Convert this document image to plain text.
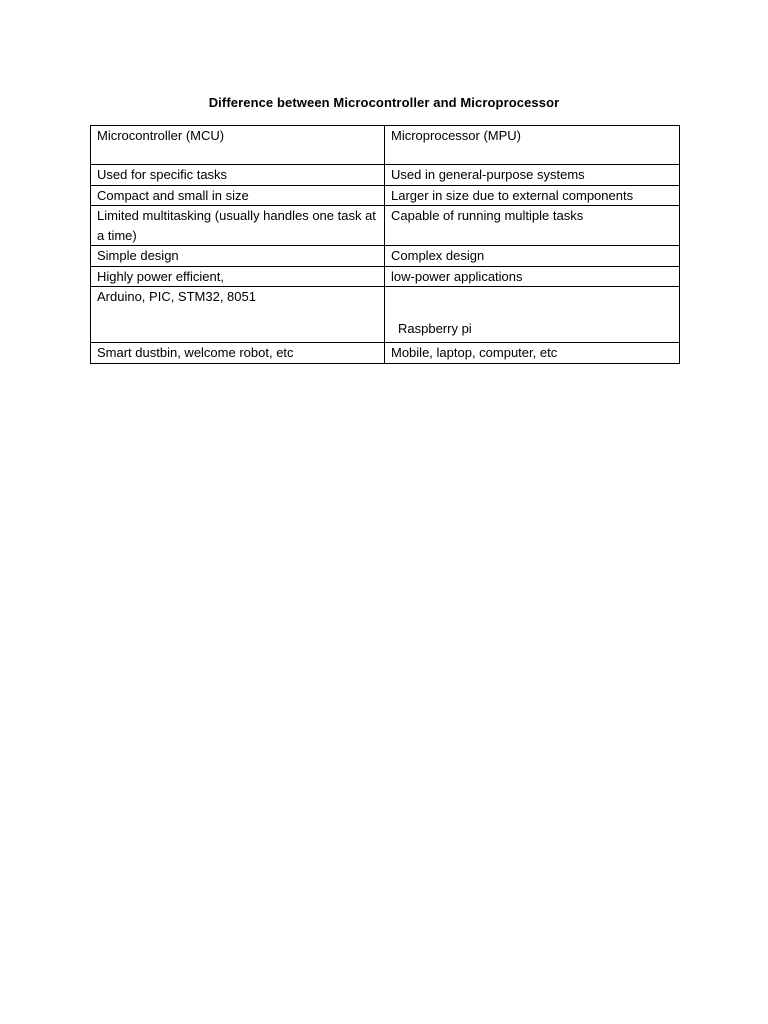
Difference between Microcontroller and Microprocessor
Microcontroller (MCU)	Microprocessor (MPU)
Used for specific tasks	Used in general-purpose systems
Compact and small in size	Larger in size due to external components
Limited multitasking (usually handles one task at a time)	Capable of running multiple tasks
Simple design	Complex design
Highly power efficient,	low-power applications
Arduino, PIC, STM32, 8051	Raspberry pi

Smart dustbin, welcome robot, etc	Mobile, laptop, computer, etc
